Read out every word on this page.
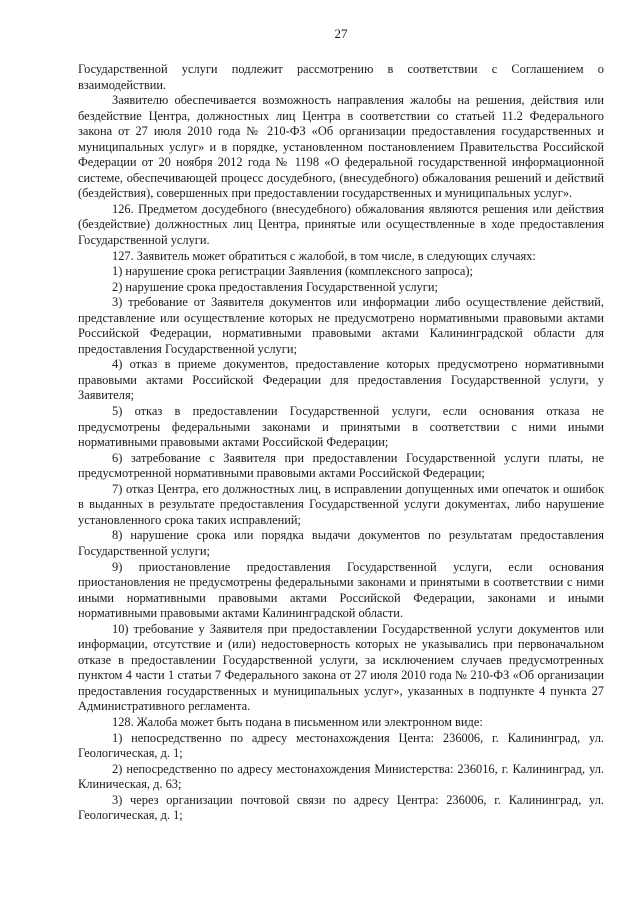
27

Государственной услуги подлежит рассмотрению в соответствии с Соглашением о взаимодействии.

Заявителю обеспечивается возможность направления жалобы на решения, действия или бездействие Центра, должностных лиц Центра в соответствии со статьей 11.2 Федерального закона от 27 июля 2010 года № 210-ФЗ «Об организации предоставления государственных и муниципальных услуг» и в порядке, установленном постановлением Правительства Российской Федерации от 20 ноября 2012 года № 1198 «О федеральной государственной информационной системе, обеспечивающей процесс досудебного, (внесудебного) обжалования решений и действий (бездействия), совершенных при предоставлении государственных и муниципальных услуг».

126. Предметом досудебного (внесудебного) обжалования являются решения или действия (бездействие) должностных лиц Центра, принятые или осуществленные в ходе предоставления Государственной услуги.

127. Заявитель может обратиться с жалобой, в том числе, в следующих случаях:

1) нарушение срока регистрации Заявления (комплексного запроса);

2) нарушение срока предоставления Государственной услуги;

3) требование от Заявителя документов или информации либо осуществление действий, представление или осуществление которых не предусмотрено нормативными правовыми актами Российской Федерации, нормативными правовыми актами Калининградской области для предоставления Государственной услуги;

4) отказ в приеме документов, предоставление которых предусмотрено нормативными правовыми актами Российской Федерации для предоставления Государственной услуги, у Заявителя;

5) отказ в предоставлении Государственной услуги, если основания отказа не предусмотрены федеральными законами и принятыми в соответствии с ними иными нормативными правовыми актами Российской Федерации;

6) затребование с Заявителя при предоставлении Государственной услуги платы, не предусмотренной нормативными правовыми актами Российской Федерации;

7) отказ Центра, его должностных лиц, в исправлении допущенных ими опечаток и ошибок в выданных в результате предоставления Государственной услуги документах, либо нарушение установленного срока таких исправлений;

8) нарушение срока или порядка выдачи документов по результатам предоставления Государственной услуги;

9) приостановление предоставления Государственной услуги, если основания приостановления не предусмотрены федеральными законами и принятыми в соответствии с ними иными нормативными правовыми актами Российской Федерации, законами и иными нормативными правовыми актами Калининградской области.

10) требование у Заявителя при предоставлении Государственной услуги документов или информации, отсутствие и (или) недостоверность которых не указывались при первоначальном отказе в предоставлении Государственной услуги, за исключением случаев предусмотренных пунктом 4 части 1 статьи 7 Федерального закона от 27 июля 2010 года № 210-ФЗ «Об организации предоставления государственных и муниципальных услуг», указанных в подпункте 4 пункта 27 Административного регламента.

128. Жалоба может быть подана в письменном или электронном виде:

1) непосредственно по адресу местонахождения Цента: 236006, г. Калининград, ул. Геологическая, д. 1;

2) непосредственно по адресу местонахождения Министерства: 236016, г. Калининград, ул. Клиническая, д. 63;

3) через организации почтовой связи по адресу Центра: 236006, г. Калининград, ул. Геологическая, д. 1;
